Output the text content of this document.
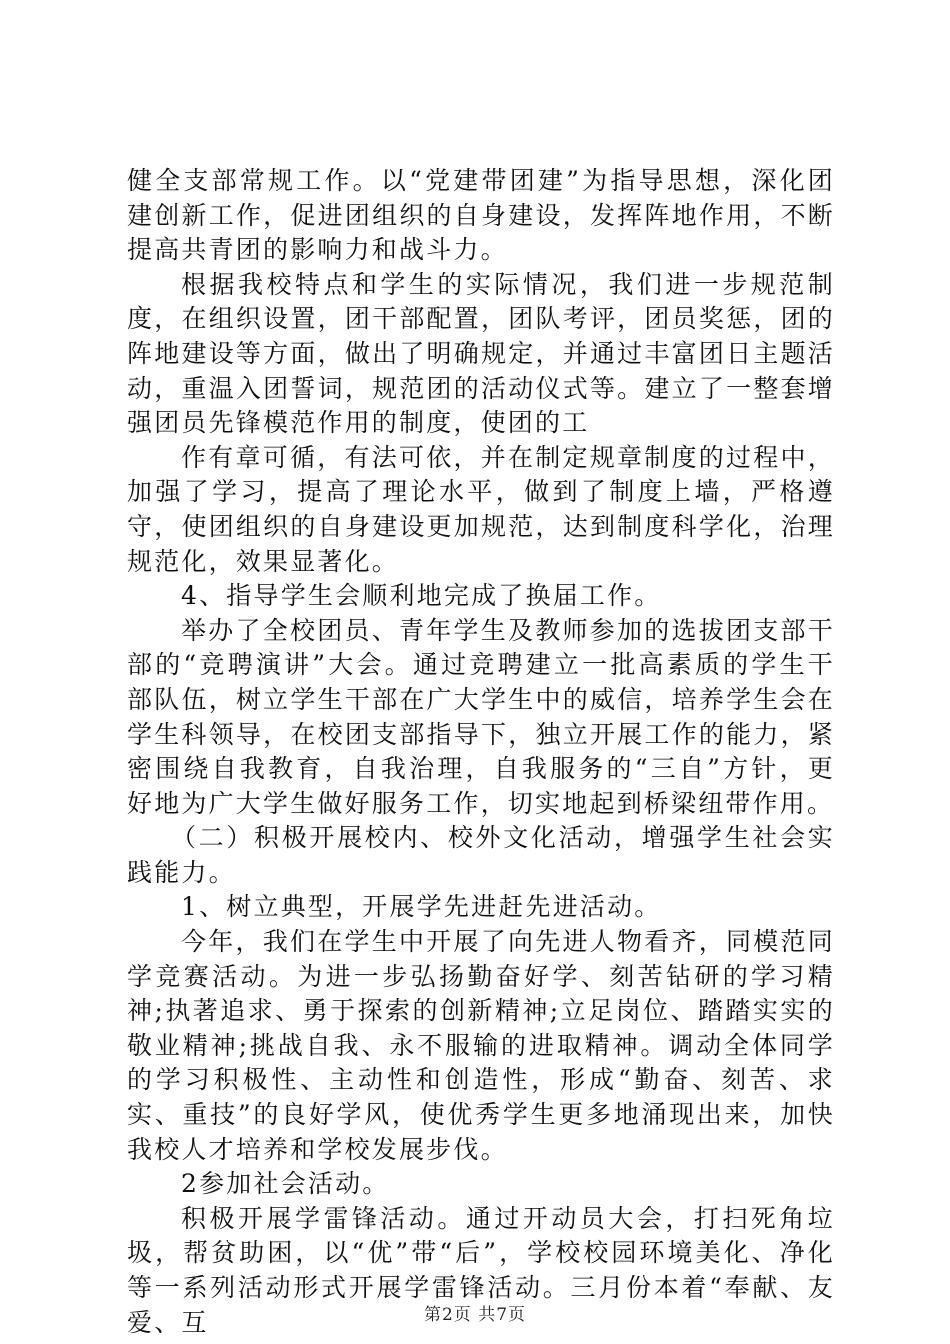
健全支部常规工作。以“党建带团建”为指导思想，深化团建创新工作，促进团组织的自身建设，发挥阵地作用，不断提高共青团的影响力和战斗力。

根据我校特点和学生的实际情况，我们进一步规范制度，在组织设置，团干部配置，团队考评，团员奖惩，团的阵地建设等方面，做出了明确规定，并通过丰富团日主题活动，重温入团誓词，规范团的活动仪式等。建立了一整套增强团员先锋模范作用的制度，使团的工

作有章可循，有法可依，并在制定规章制度的过程中，加强了学习，提高了理论水平，做到了制度上墙，严格遵守，使团组织的自身建设更加规范，达到制度科学化，治理规范化，效果显著化。

4、指导学生会顺利地完成了换届工作。

举办了全校团员、青年学生及教师参加的选拔团支部干部的“竞聘演讲”大会。通过竞聘建立一批高素质的学生干部队伍，树立学生干部在广大学生中的威信，培养学生会在学生科领导，在校团支部指导下，独立开展工作的能力，紧密围绕自我教育，自我治理，自我服务的“三自”方针，更好地为广大学生做好服务工作，切实地起到桥梁纽带作用。

（二）积极开展校内、校外文化活动，增强学生社会实践能力。

1、树立典型，开展学先进赶先进活动。

今年，我们在学生中开展了向先进人物看齐，同模范同学竞赛活动。为进一步弘扬勤奋好学、刻苦钻研的学习精神;执著追求、勇于探索的创新精神;立足岗位、踏踏实实的敬业精神;挑战自我、永不服输的进取精神。调动全体同学的学习积极性、主动性和创造性，形成“勤奋、刻苦、求实、重技”的良好学风，使优秀学生更多地涌现出来，加快我校人才培养和学校发展步伐。

2参加社会活动。

积极开展学雷锋活动。通过开动员大会，打扫死角垃圾，帮贫助困，以“优”带“后”，学校校园环境美化、净化等一系列活动形式开展学雷锋活动。三月份本着“奉献、友爱、互	第2页 共7页
